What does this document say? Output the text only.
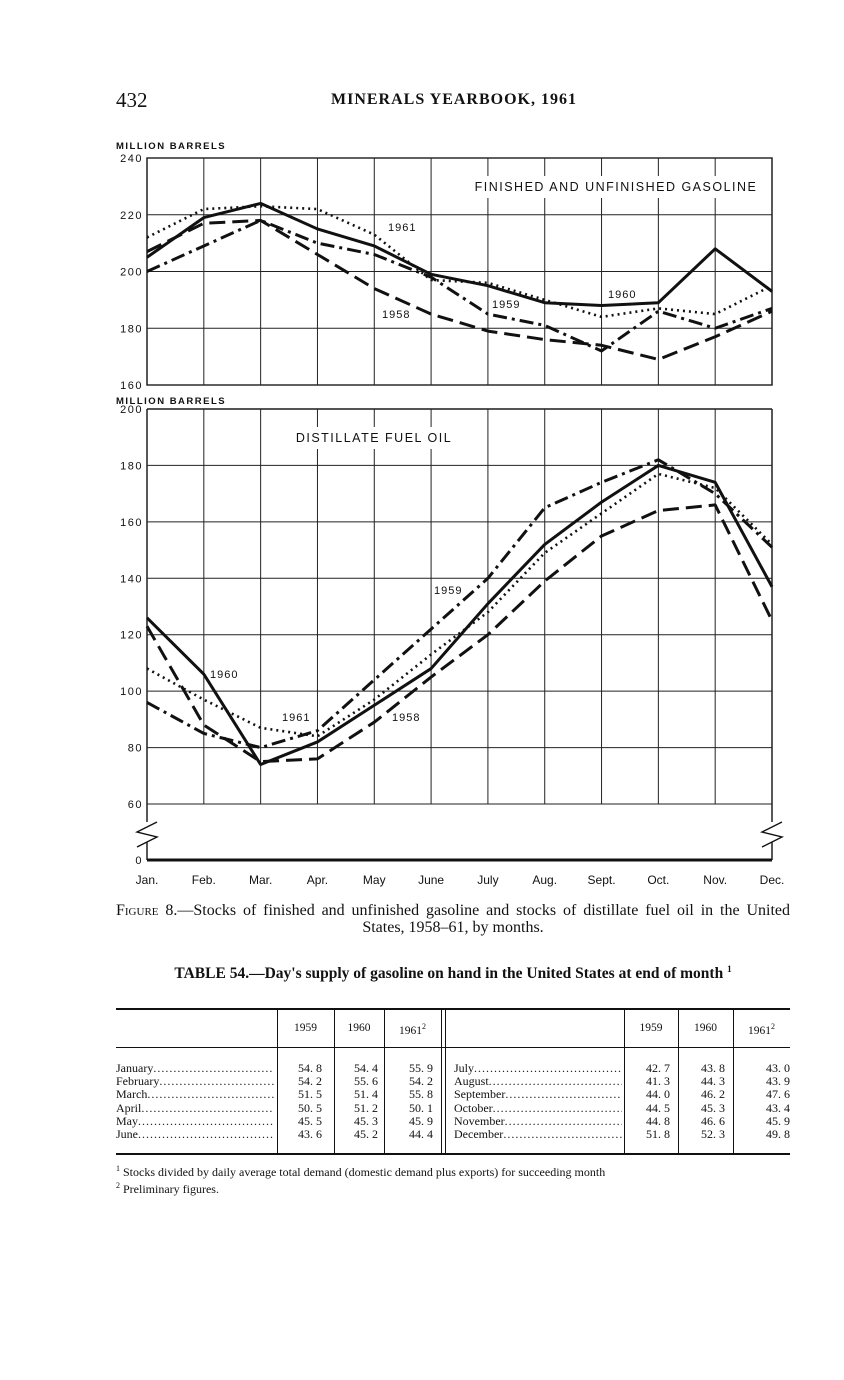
432	MINERALS YEARBOOK, 1961
160
180
200
220
240
MILLION BARRELS
FINISHED AND UNFINISHED GASOLINE
1961
1960
1959
1958
0
60
80
100
120
140
160
180
200
MILLION BARRELS
DISTILLATE FUEL OIL
1960
1961	1958
1959
Jan.	Feb.	Mar.	Apr.	May	June	July	Aug.	Sept.	Oct.	Nov.	Dec.
Figure 8.—Stocks of finished and unfinished gasoline and stocks of distillate fuel oil in the United States, 1958–61, by months.
TABLE 54.—Day's supply of gasoline on hand in the United States at end of month $^1$
1959	1960	1961$^2$	1959	1960	1961$^2$
January .....	54. 8	54. 4	55. 9
February .....	54. 2	55. 6	54. 2
March .....	51. 5	51. 4	55. 8
April .....	50. 5	51. 2	50. 1
May .....	45. 5	45. 3	45. 9
June .....	43. 6	45. 2	44. 4
July .....	42. 7	43. 8	43. 0
August .....	41. 3	44. 3	43. 9
September .....	44. 0	46. 2	47. 6
October .....	44. 5	45. 3	43. 4
November .....	44. 8	46. 6	45. 9
December .....	51. 8	52. 3	49. 8
$^1$ Stocks divided by daily average total demand (domestic demand plus exports) for succeeding month
$^2$ Preliminary figures.
